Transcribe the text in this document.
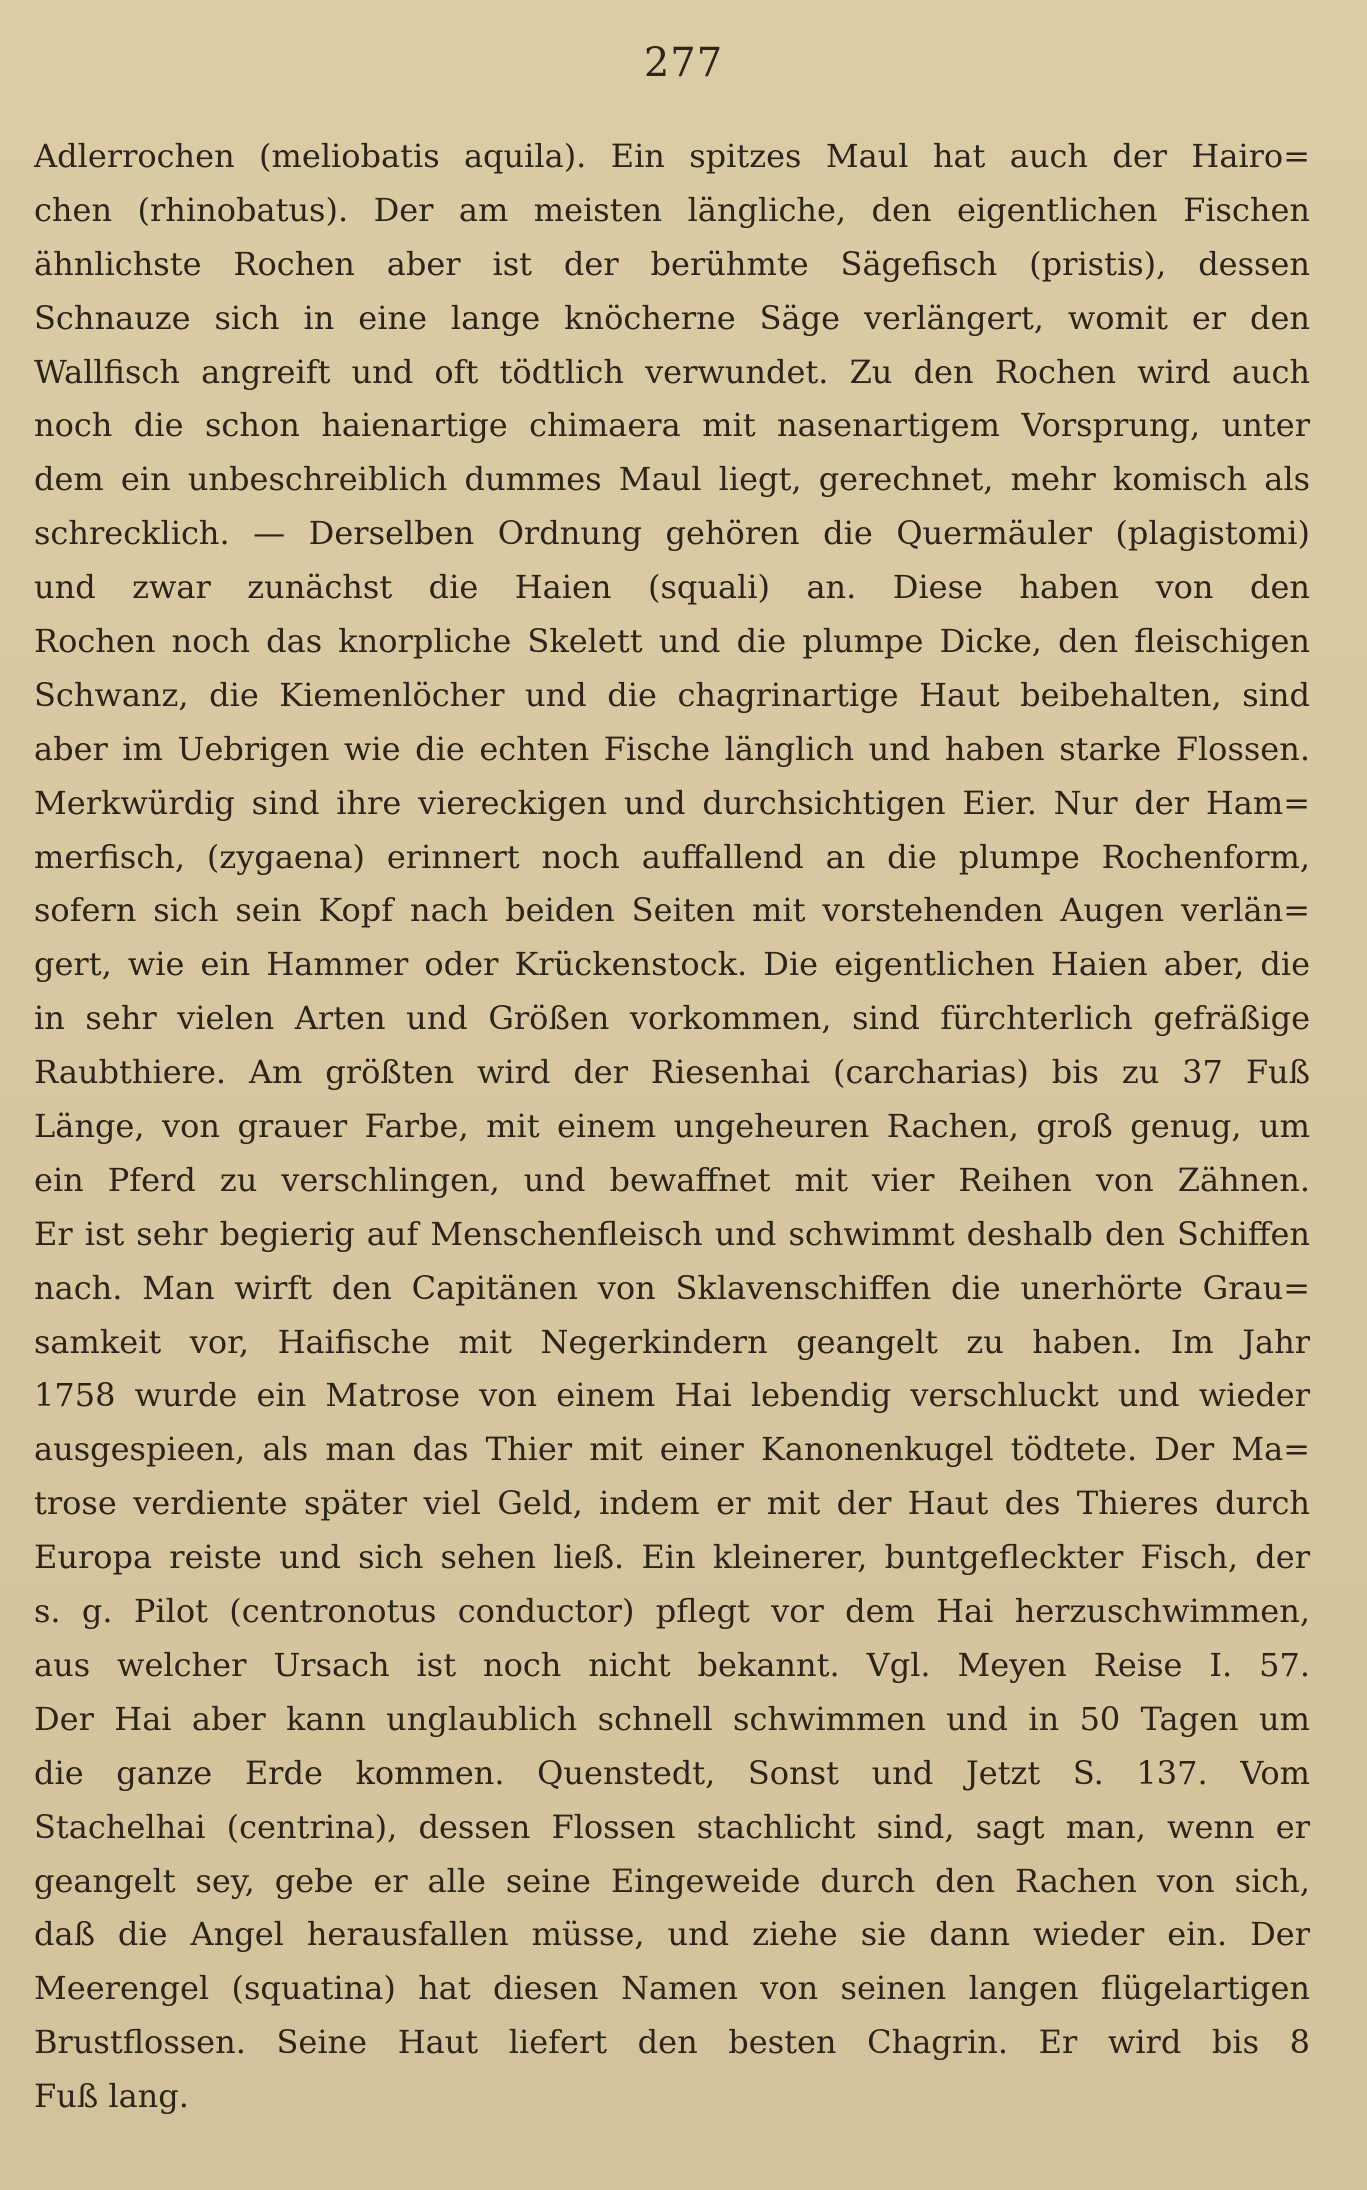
277
Adlerrochen (meliobatis aquila). Ein spitzes Maul hat auch der Hairo=
chen (rhinobatus). Der am meisten längliche, den eigentlichen Fischen
ähnlichste Rochen aber ist der berühmte Sägefisch (pristis), dessen
Schnauze sich in eine lange knöcherne Säge verlängert, womit er den
Wallfisch angreift und oft tödtlich verwundet. Zu den Rochen wird auch
noch die schon haienartige chimaera mit nasenartigem Vorsprung, unter
dem ein unbeschreiblich dummes Maul liegt, gerechnet, mehr komisch als
schrecklich. — Derselben Ordnung gehören die Quermäuler (plagistomi)
und zwar zunächst die Haien (squali) an. Diese haben von den
Rochen noch das knorpliche Skelett und die plumpe Dicke, den fleischigen
Schwanz, die Kiemenlöcher und die chagrinartige Haut beibehalten, sind
aber im Uebrigen wie die echten Fische länglich und haben starke Flossen.
Merkwürdig sind ihre viereckigen und durchsichtigen Eier. Nur der Ham=
merfisch, (zygaena) erinnert noch auffallend an die plumpe Rochenform,
sofern sich sein Kopf nach beiden Seiten mit vorstehenden Augen verlän=
gert, wie ein Hammer oder Krückenstock. Die eigentlichen Haien aber, die
in sehr vielen Arten und Größen vorkommen, sind fürchterlich gefräßige
Raubthiere. Am größten wird der Riesenhai (carcharias) bis zu 37 Fuß
Länge, von grauer Farbe, mit einem ungeheuren Rachen, groß genug, um
ein Pferd zu verschlingen, und bewaffnet mit vier Reihen von Zähnen.
Er ist sehr begierig auf Menschenfleisch und schwimmt deshalb den Schiffen
nach. Man wirft den Capitänen von Sklavenschiffen die unerhörte Grau=
samkeit vor, Haifische mit Negerkindern geangelt zu haben. Im Jahr
1758 wurde ein Matrose von einem Hai lebendig verschluckt und wieder
ausgespieen, als man das Thier mit einer Kanonenkugel tödtete. Der Ma=
trose verdiente später viel Geld, indem er mit der Haut des Thieres durch
Europa reiste und sich sehen ließ. Ein kleinerer, buntgefleckter Fisch, der
s. g. Pilot (centronotus conductor) pflegt vor dem Hai herzuschwimmen,
aus welcher Ursach ist noch nicht bekannt. Vgl. Meyen Reise I. 57.
Der Hai aber kann unglaublich schnell schwimmen und in 50 Tagen um
die ganze Erde kommen. Quenstedt, Sonst und Jetzt S. 137. Vom
Stachelhai (centrina), dessen Flossen stachlicht sind, sagt man, wenn er
geangelt sey, gebe er alle seine Eingeweide durch den Rachen von sich,
daß die Angel herausfallen müsse, und ziehe sie dann wieder ein. Der
Meerengel (squatina) hat diesen Namen von seinen langen flügelartigen
Brustflossen. Seine Haut liefert den besten Chagrin. Er wird bis 8
Fuß lang.
